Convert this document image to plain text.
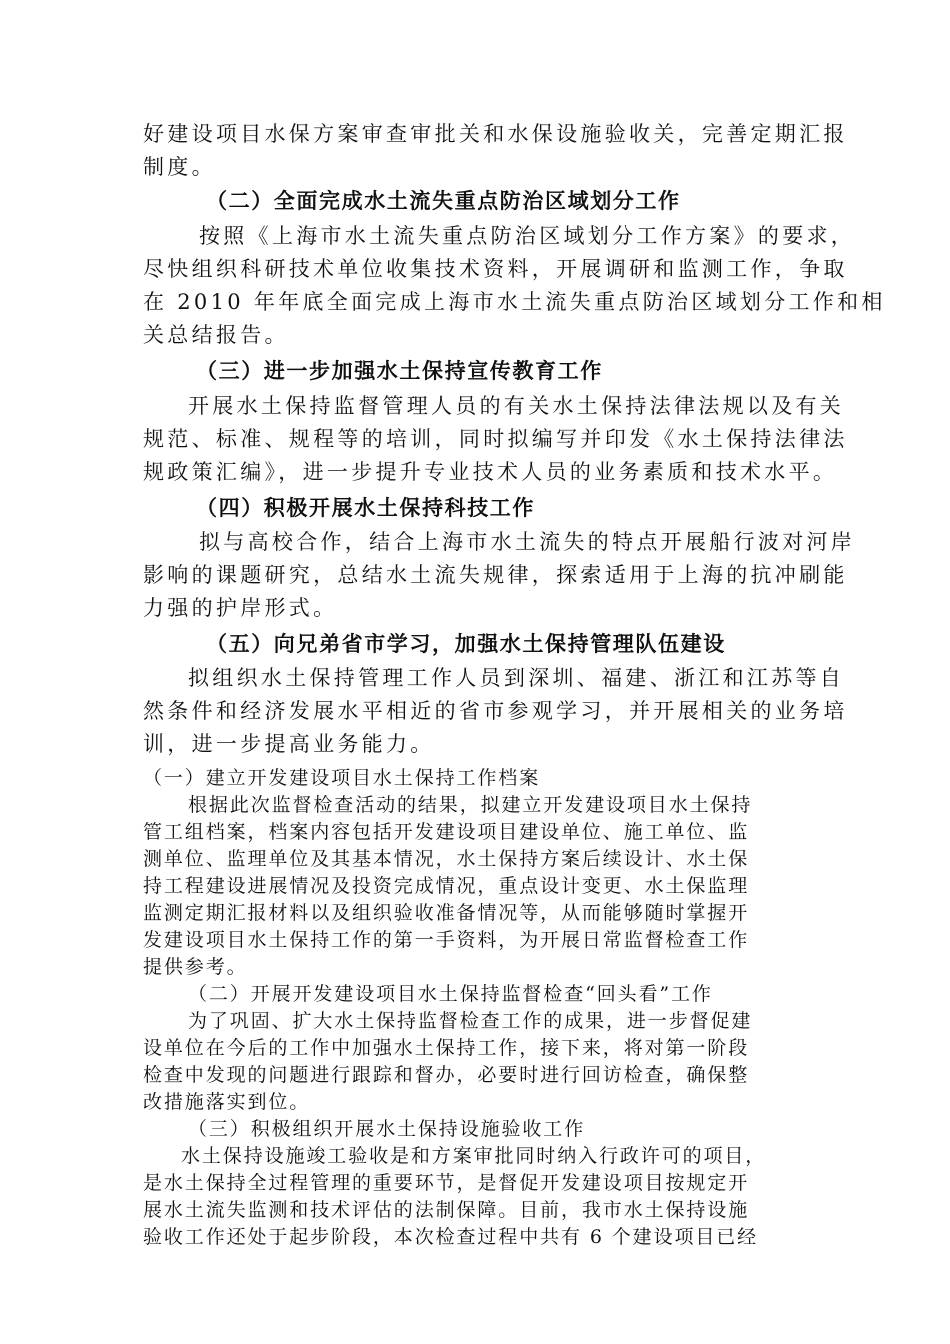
好建设项目水保方案审查审批关和水保设施验收关，完善定期汇报
制度。
（二）全面完成水土流失重点防治区域划分工作
按照《上海市水土流失重点防治区域划分工作方案》的要求，
尽快组织科研技术单位收集技术资料，开展调研和监测工作，争取
在 2010 年年底全面完成上海市水土流失重点防治区域划分工作和相
关总结报告。
（三）进一步加强水土保持宣传教育工作
开展水土保持监督管理人员的有关水土保持法律法规以及有关
规范、标准、规程等的培训，同时拟编写并印发《水土保持法律法
规政策汇编》，进一步提升专业技术人员的业务素质和技术水平。
（四）积极开展水土保持科技工作
拟与高校合作，结合上海市水土流失的特点开展船行波对河岸
影响的课题研究，总结水土流失规律，探索适用于上海的抗冲刷能
力强的护岸形式。
（五）向兄弟省市学习，加强水土保持管理队伍建设
拟组织水土保持管理工作人员到深圳、福建、浙江和江苏等自
然条件和经济发展水平相近的省市参观学习，并开展相关的业务培
训，进一步提高业务能力。
（一）建立开发建设项目水土保持工作档案
根据此次监督检查活动的结果，拟建立开发建设项目水土保持
管工组档案，档案内容包括开发建设项目建设单位、施工单位、监
测单位、监理单位及其基本情况，水土保持方案后续设计、水土保
持工程建设进展情况及投资完成情况，重点设计变更、水土保监理
监测定期汇报材料以及组织验收准备情况等，从而能够随时掌握开
发建设项目水土保持工作的第一手资料，为开展日常监督检查工作
提供参考。
（二）开展开发建设项目水土保持监督检查“回头看”工作
为了巩固、扩大水土保持监督检查工作的成果，进一步督促建
设单位在今后的工作中加强水土保持工作，接下来，将对第一阶段
检查中发现的问题进行跟踪和督办，必要时进行回访检查，确保整
改措施落实到位。
（三）积极组织开展水土保持设施验收工作
水土保持设施竣工验收是和方案审批同时纳入行政许可的项目，
是水土保持全过程管理的重要环节，是督促开发建设项目按规定开
展水土流失监测和技术评估的法制保障。目前，我市水土保持设施
验收工作还处于起步阶段，本次检查过程中共有 6 个建设项目已经
